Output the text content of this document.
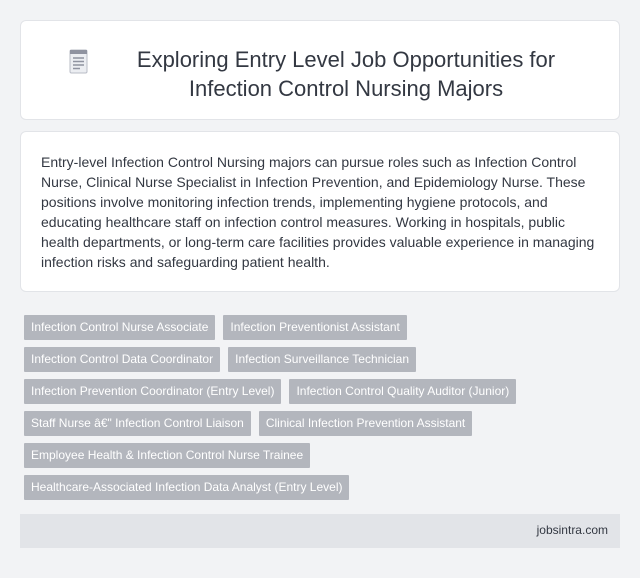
Exploring Entry Level Job Opportunities for
Infection Control Nursing Majors

Entry-level Infection Control Nursing majors can pursue roles such as Infection Control Nurse, Clinical Nurse Specialist in Infection Prevention, and Epidemiology Nurse. These positions involve monitoring infection trends, implementing hygiene protocols, and educating healthcare staff on infection control measures. Working in hospitals, public health departments, or long-term care facilities provides valuable experience in managing infection risks and safeguarding patient health.

Infection Control Nurse Associate	Infection Preventionist Assistant
Infection Control Data Coordinator	Infection Surveillance Technician
Infection Prevention Coordinator (Entry Level)	Infection Control Quality Auditor (Junior)
Staff Nurse â€" Infection Control Liaison	Clinical Infection Prevention Assistant
Employee Health & Infection Control Nurse Trainee
Healthcare-Associated Infection Data Analyst (Entry Level)
jobsintra.com
